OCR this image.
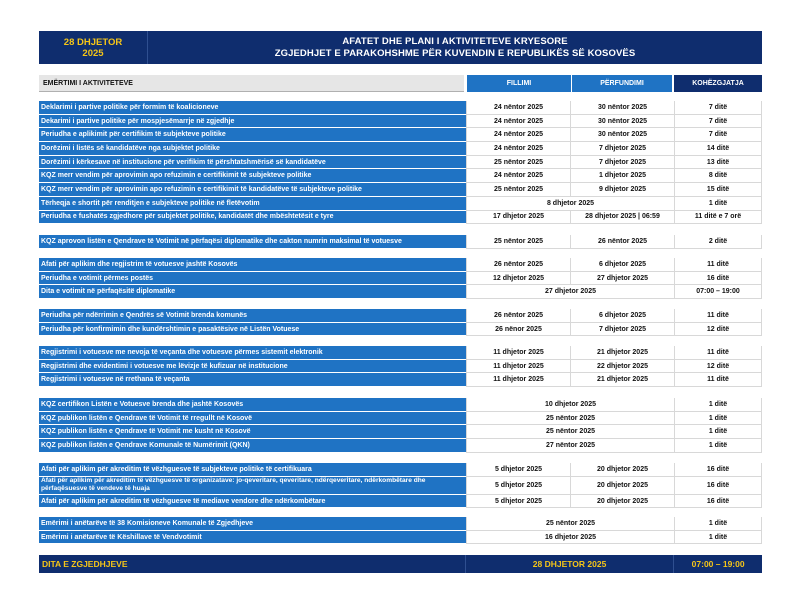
28 DHJETOR
2025
AFATET DHE PLANI I AKTIVITETEVE KRYESORE
ZGJEDHJET E PARAKOHSHME PËR KUVENDIN E REPUBLIKËS SË KOSOVËS
EMËRTIMI I AKTIVITETEVE	FILLIMI	PËRFUNDIMI	KOHËZGJATJA
Deklarimi i partive politike për formim të koalicioneve	24 nëntor 2025	30 nëntor 2025	7 ditë
Dekarimi i partive politike për mospjesëmarrje në zgjedhje	24 nëntor 2025	30 nëntor 2025	7 ditë
Periudha e aplikimit për certifikim të subjekteve politike	24 nëntor 2025	30 nëntor 2025	7 ditë
Dorëzimi i listës së kandidatëve nga subjektet politike	24 nëntor 2025	7 dhjetor 2025	14 ditë
Dorëzimi i kërkesave në institucione për verifikim të përshtatshmërisë së kandidatëve	25 nëntor 2025	7 dhjetor 2025	13 ditë
KQZ merr vendim për aprovimin apo refuzimin e certifikimit të subjekteve politike	24 nëntor 2025	1 dhjetor 2025	8 ditë
KQZ merr vendim për aprovimin apo refuzimin e certifikimit të kandidatëve të subjekteve politike	25 nëntor 2025	9 dhjetor 2025	15 ditë
Tërheqja e shortit për renditjen e subjekteve politike në fletëvotim	8 dhjetor 2025	1 ditë
Periudha e fushatës zgjedhore për subjektet politike, kandidatët dhe mbështetësit e tyre	17 dhjetor 2025	28 dhjetor 2025 | 06:59	11 ditë e 7 orë
KQZ aprovon listën e Qendrave të Votimit në përfaqësi diplomatike dhe cakton numrin maksimal të votuesve	25 nëntor 2025	26 nëntor 2025	2 ditë
Afati për aplikim dhe regjistrim të votuesve jashtë Kosovës	26 nëntor 2025	6 dhjetor 2025	11 ditë
Periudha e votimit përmes postës	12 dhjetor 2025	27 dhjetor 2025	16 ditë
Dita e votimit në përfaqësitë diplomatike	27 dhjetor 2025	07:00 – 19:00
Periudha për ndërrimin e Qendrës së Votimit brenda komunës	26 nëntor 2025	6 dhjetor 2025	11 ditë
Periudha për konfirmimin dhe kundërshtimin e pasaktësive në Listën Votuese	26 nënor 2025	7 dhjetor 2025	12 ditë
Regjistrimi i votuesve me nevoja të veçanta dhe votuesve përmes sistemit elektronik	11 dhjetor 2025	21 dhjetor 2025	11 ditë
Regjistrimi dhe evidentimi i votuesve me lëvizje të kufizuar në institucione	11 dhjetor 2025	22 dhjetor 2025	12 ditë
Regjistrimi i votuesve në rrethana të veçanta	11 dhjetor 2025	21 dhjetor 2025	11 ditë
KQZ certifikon Listën e Votuesve brenda dhe jashtë Kosovës	10 dhjetor 2025	1 ditë
KQZ publikon listën e Qendrave të Votimit të rregullt në Kosovë	25 nëntor 2025	1 ditë
KQZ publikon listën e Qendrave të Votimit me kusht në Kosovë	25 nëntor 2025	1 ditë
KQZ publikon listën e Qendrave Komunale të Numërimit (QKN)	27 nëntor 2025	1 ditë
Afati për aplikim për akreditim të vëzhguesve të subjekteve politike të certifikuara	5 dhjetor 2025	20 dhjetor 2025	16 ditë
Afati për aplikim për akreditim të vëzhguesve të organizatave: jo-qeveritare, qeveritare, ndërqeveritare, ndërkombëtare dhe përfaqësuesve të vendeve të huaja	5 dhjetor 2025	20 dhjetor 2025	16 ditë
Afati për aplikim për akreditim të vëzhguesve të mediave vendore dhe ndërkombëtare	5 dhjetor 2025	20 dhjetor 2025	16 ditë
Emërimi i anëtarëve të 38 Komisioneve Komunale të Zgjedhjeve	25 nëntor 2025	1 ditë
Emërimi i anëtarëve të Këshillave të Vendvotimit	16 dhjetor 2025	1 ditë
DITA E ZGJEDHJEVE	28 DHJETOR 2025	07:00 – 19:00
